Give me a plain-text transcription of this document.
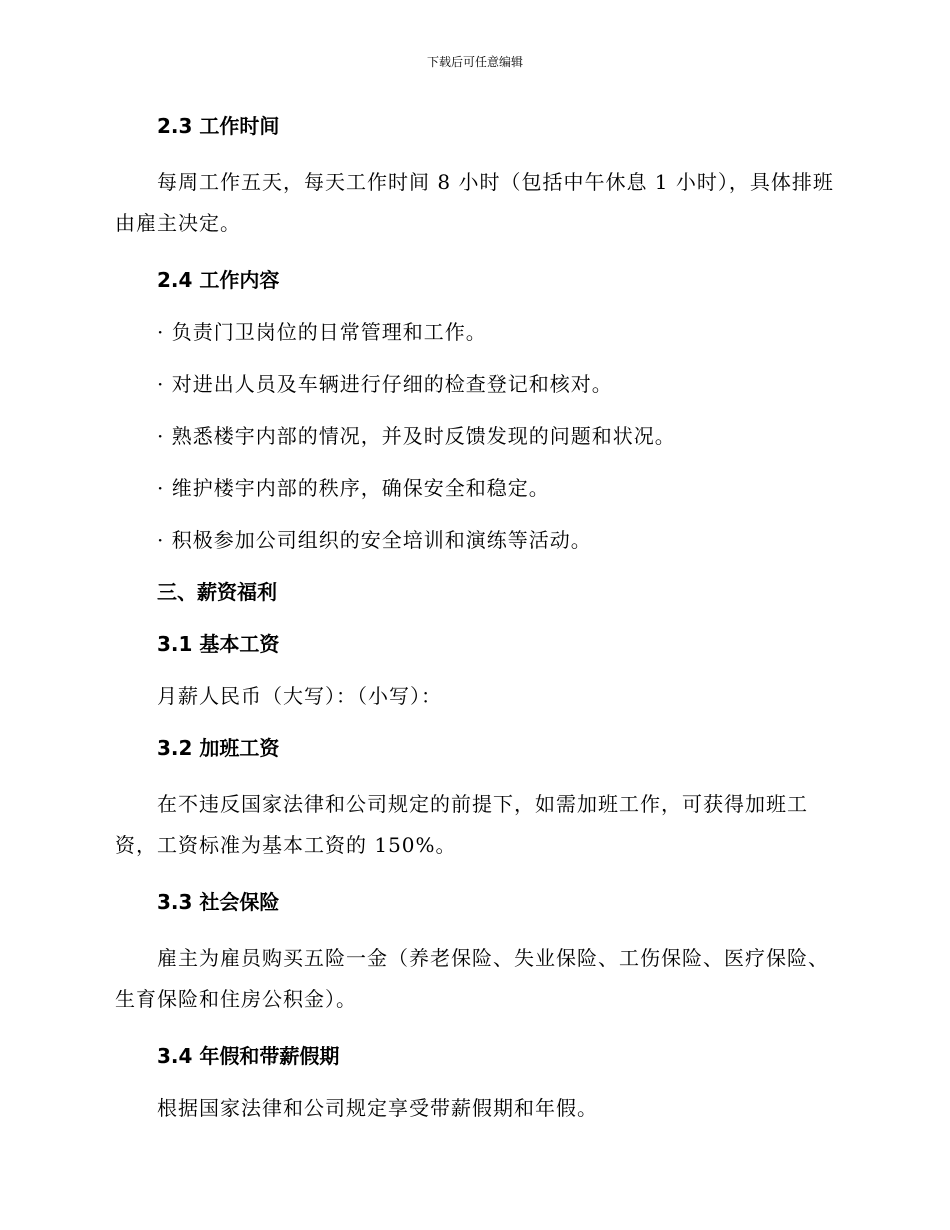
下载后可任意编辑
2.3 工作时间

每周工作五天，每天工作时间 8 小时（包括中午休息 1 小时），具体排班由雇主决定。

2.4 工作内容
· 负责门卫岗位的日常管理和工作。
· 对进出人员及车辆进行仔细的检查登记和核对。
· 熟悉楼宇内部的情况，并及时反馈发现的问题和状况。
· 维护楼宇内部的秩序，确保安全和稳定。
· 积极参加公司组织的安全培训和演练等活动。
三、薪资福利
3.1 基本工资
月薪人民币（大写）：（小写）：
3.2 加班工资

在不违反国家法律和公司规定的前提下，如需加班工作，可获得加班工资，工资标准为基本工资的 150%。

3.3 社会保险

雇主为雇员购买五险一金（养老保险、失业保险、工伤保险、医疗保险、生育保险和住房公积金）。

3.4 年假和带薪假期
根据国家法律和公司规定享受带薪假期和年假。
